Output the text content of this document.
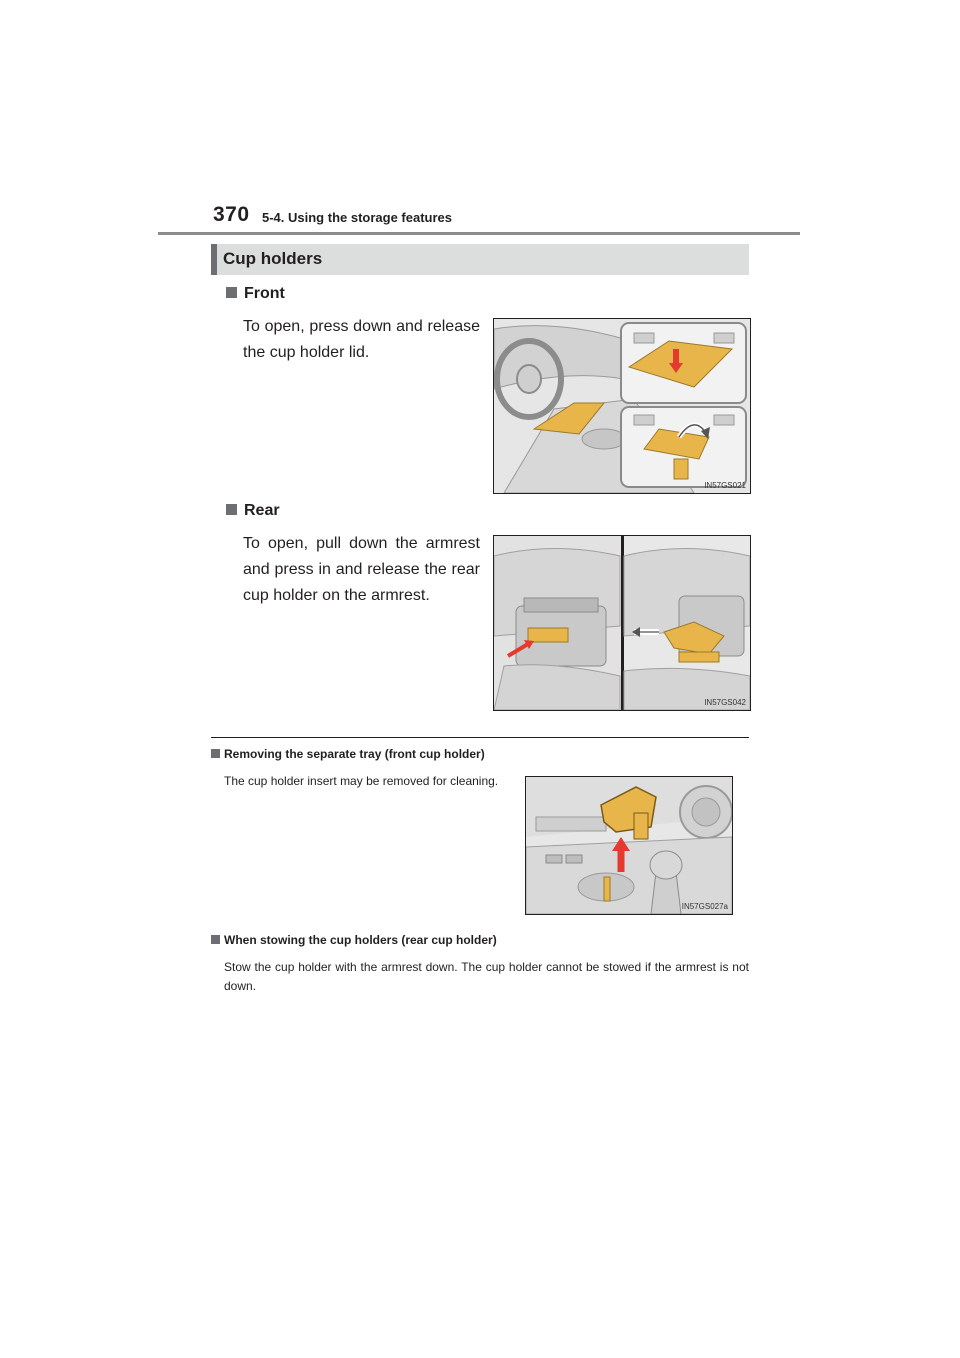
370 5-4. Using the storage features
Cup holders
Front
To open, press down and release the cup holder lid.
IN57GS021
Rear
To open, pull down the armrest and press in and release the rear cup holder on the armrest.
IN57GS042
Removing the separate tray (front cup holder)
The cup holder insert may be removed for cleaning.
IN57GS027a
When stowing the cup holders (rear cup holder)
Stow the cup holder with the armrest down. The cup holder cannot be stowed if the armrest is not down.
